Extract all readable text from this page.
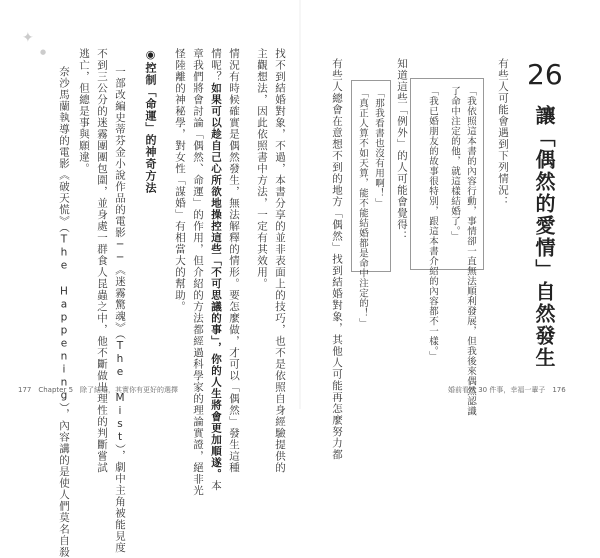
✦
●
26
讓「偶然的愛情」自然發生
有些人可能會遇到下列情況：
「我依照這本書的內容行動，事情卻一直無法順利發展，但我後來偶然認識
了命中注定的他，就這樣結婚了。」
「我已婚朋友的故事很特別，跟這本書介紹的內容都不一樣。」
知道這些「例外」的人可能會覺得：
「那我看書也沒有用啊！」
「真正人算不如天算，能不能結婚都是命中注定的！」
有些人總會在意想不到的地方「偶然」找到結婚對象，其他人可能再怎麼努力都
找不到結婚對象，不過，本書分享的並非表面上的技巧，也不是依照自身經驗提供的
主觀想法，因此依照書中方法，一定有其效用。
情況有時候確實是偶然發生，無法解釋的情形。要怎麼做，才可以「偶然」發生這種
情呢？如果可以趁自己心所欲地操控這些「不可思議的事」，你的人生將會更加順遂。本
章我們將會討論「偶然、命運」的作用，但介紹的方法都經過科學家的理論實證，絕非光
怪陸離的神秘學，對女性「謀婚」有相當大的幫助。
◉控制「命運」的神奇方法
一部改編史蒂芬金小說作品的電影──《迷霧驚魂》（The Mist），劇中主角被能見度
不到三公分的迷霧團團包圍，並身處一群食人昆蟲之中，他不斷做出理性的判斷嘗試
逃亡，但總是事與願違。
奈沙馬蘭執導的電影《破天慌》（The Happening），內容講的是使人們莫名自殺
177　Chapter 5　除了結婚，其實你有更好的選擇	婚前看透 30 件事，幸福一輩子　176
